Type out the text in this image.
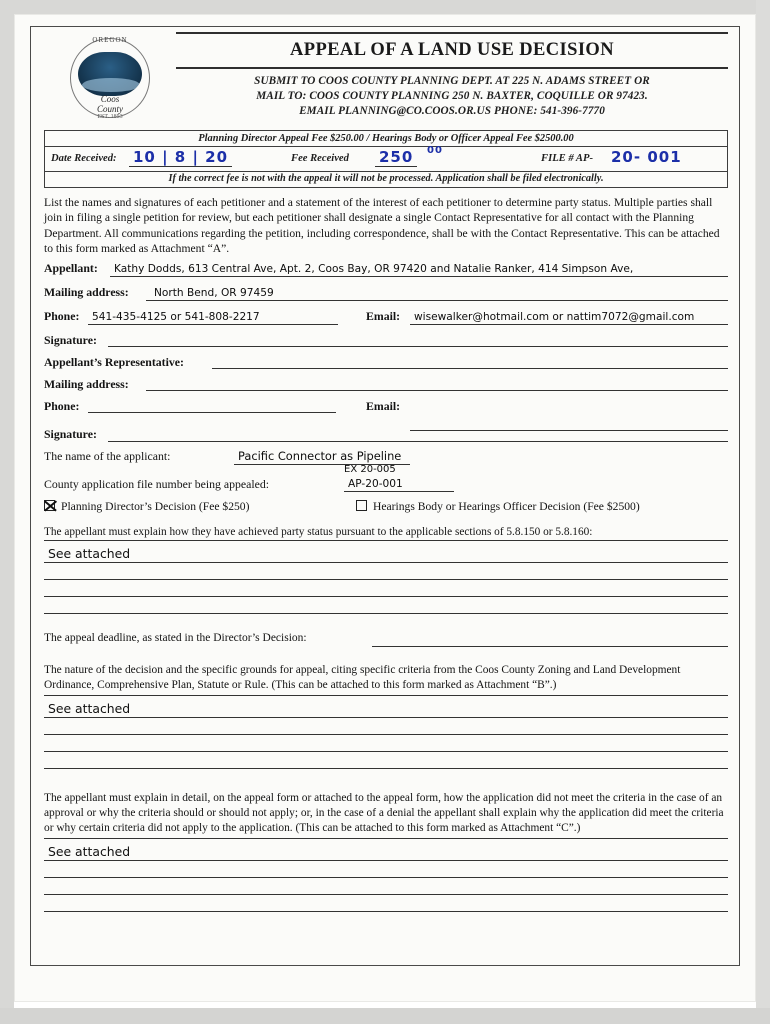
OREGON
Coos
County
EST. 1853
APPEAL OF A LAND USE DECISION
SUBMIT TO COOS COUNTY PLANNING DEPT. AT 225 N. ADAMS STREET OR
MAIL TO: COOS COUNTY PLANNING 250 N. BAXTER, COQUILLE OR 97423.
EMAIL PLANNING@CO.COOS.OR.US PHONE: 541-396-7770
Planning Director Appeal Fee $250.00 / Hearings Body or Officer Appeal Fee $2500.00
Date Received: 10 | 8 | 20	Fee Received 250	00
FILE # AP- 20- 001
If the correct fee is not with the appeal it will not be processed. Application shall be filed electronically.
List the names and signatures of each petitioner and a statement of the interest of each petitioner to determine party status. Multiple parties shall join in filing a single petition for review, but each petitioner shall designate a single Contact Representative for all contact with the Planning Department. All communications regarding the petition, including correspondence, shall be with the Contact Representative. This can be attached to this form marked as Attachment “A”.
Appellant: Kathy Dodds, 613 Central Ave, Apt. 2, Coos Bay, OR 97420 and Natalie Ranker, 414 Simpson Ave,
Mailing address: North Bend, OR 97459
Phone: 541-435-4125 or 541-808-2217	Email: wisewalker@hotmail.com or nattim7072@gmail.com
Signature:
Appellant’s Representative:
Mailing address:
Phone:	Email:
Signature:
The name of the applicant:	Pacific Connector as Pipeline
EX 20-005
County application file number being appealed:	AP-20-001
Planning Director’s Decision (Fee $250)	Hearings Body or Hearings Officer Decision (Fee $2500)
The appellant must explain how they have achieved party status pursuant to the applicable sections of 5.8.150 or 5.8.160:
See attached
The appeal deadline, as stated in the Director’s Decision:
The nature of the decision and the specific grounds for appeal, citing specific criteria from the Coos County Zoning and Land Development Ordinance, Comprehensive Plan, Statute or Rule. (This can be attached to this form marked as Attachment “B”.)
See attached
The appellant must explain in detail, on the appeal form or attached to the appeal form, how the application did not meet the criteria in the case of an approval or why the criteria should or should not apply; or, in the case of a denial the appellant shall explain why the application did meet the criteria or why certain criteria did not apply to the application. (This can be attached to this form marked as Attachment “C”.)
See attached
